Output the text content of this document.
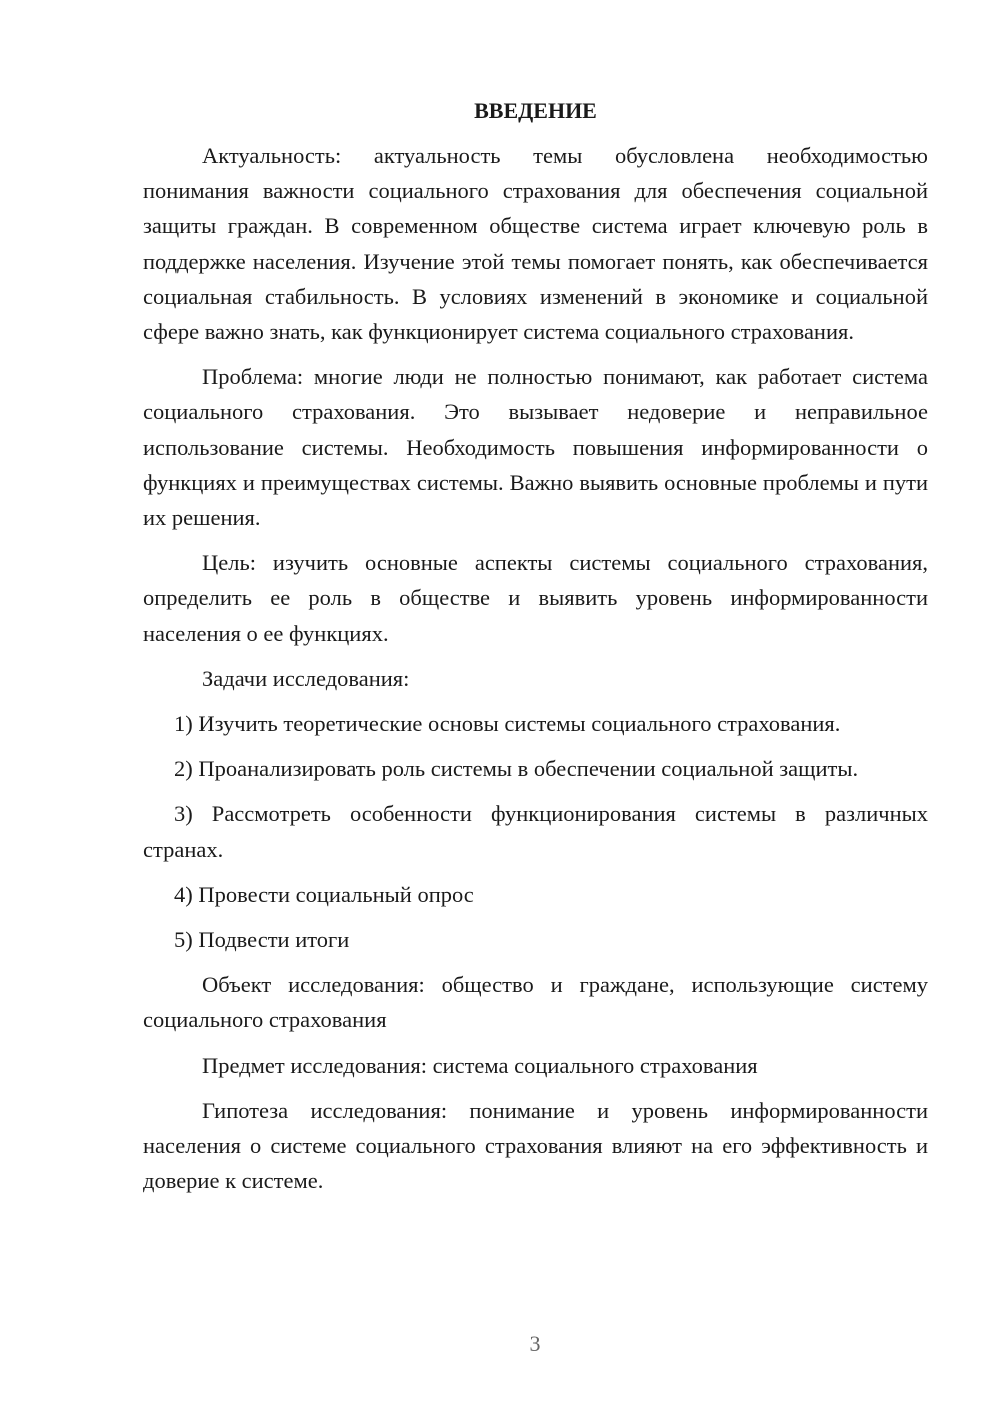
ВВЕДЕНИЕ

Актуальность: актуальность темы обусловлена необходимостью понимания важности социального страхования для обеспечения социальной защиты граждан. В современном обществе система играет ключевую роль в поддержке населения. Изучение этой темы помогает понять, как обеспечивается социальная стабильность. В условиях изменений в экономике и социальной сфере важно знать, как функционирует система социального страхования.

Проблема: многие люди не полностью понимают, как работает система социального страхования. Это вызывает недоверие и неправильное использование системы. Необходимость повышения информированности о функциях и преимуществах системы. Важно выявить основные проблемы и пути их решения.

Цель: изучить основные аспекты системы социального страхования, определить ее роль в обществе и выявить уровень информированности населения о ее функциях.

Задачи исследования:

1) Изучить теоретические основы системы социального страхования.

2) Проанализировать роль системы в обеспечении социальной защиты.

3) Рассмотреть особенности функционирования системы в различных странах.

4) Провести социальный опрос

5) Подвести итоги

Объект исследования: общество и граждане, использующие систему социального страхования

Предмет исследования: система социального страхования

Гипотеза исследования: понимание и уровень информированности населения о системе социального страхования влияют на его эффективность и доверие к системе.

3
